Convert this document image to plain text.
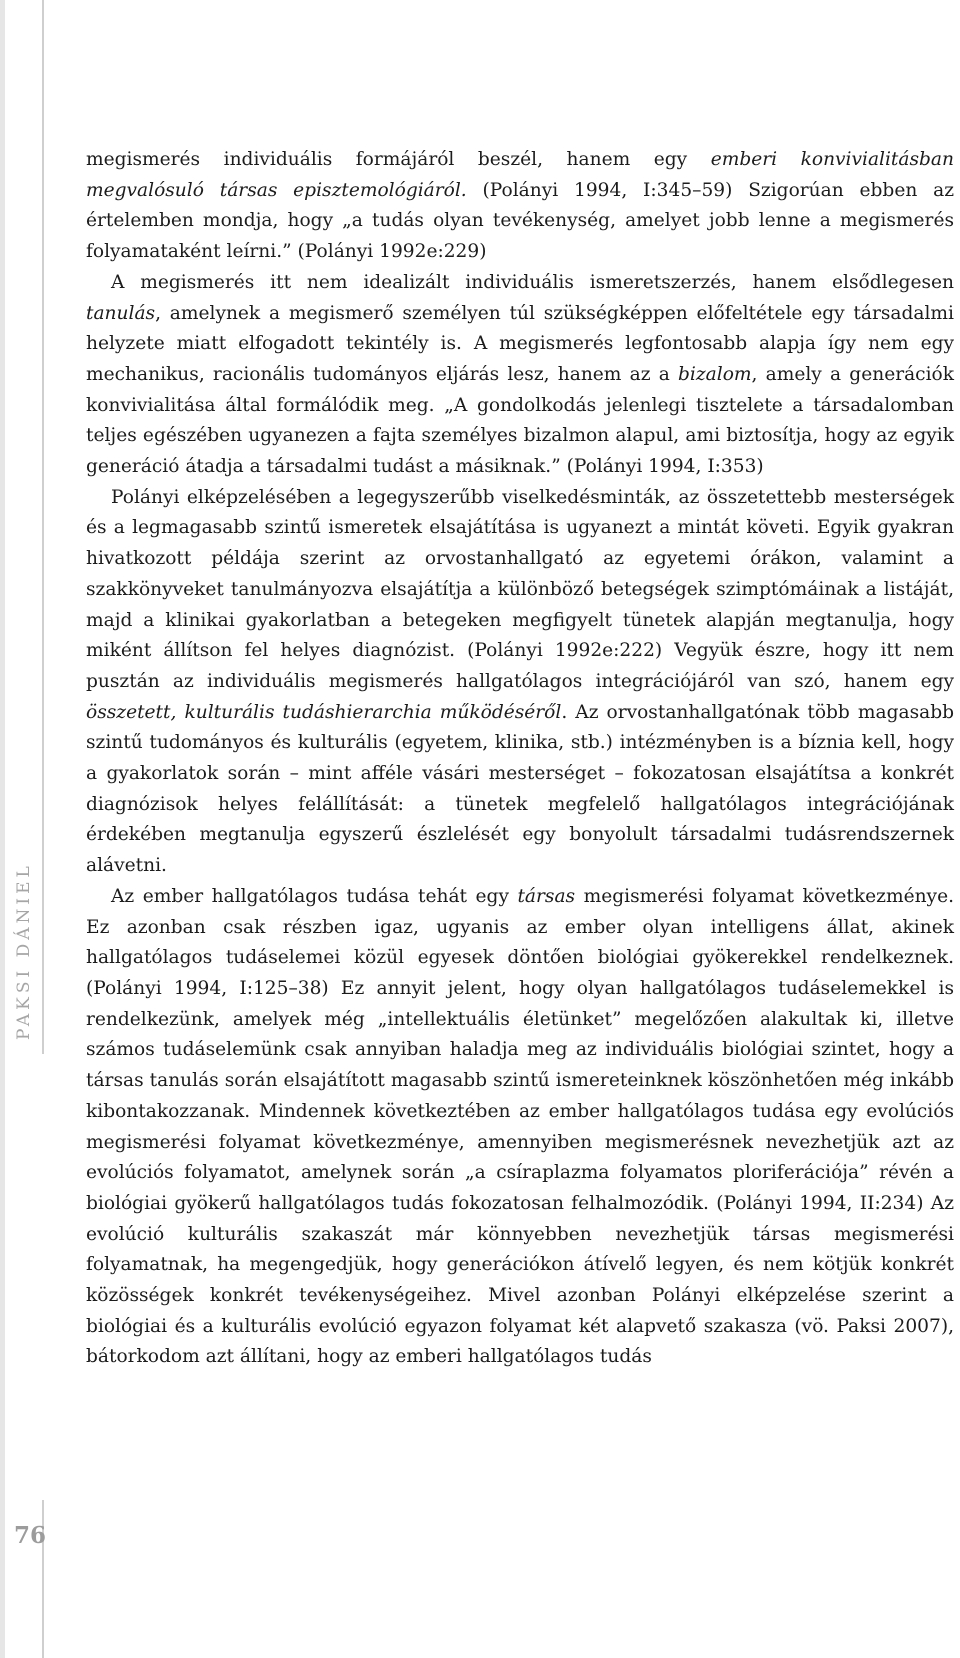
PAKSI DÁNIEL
76

megismerés individuális formájáról beszél, hanem egy emberi konvivialitásban megvalósuló társas episztemológiáról. (Polányi 1994, I:345–59) Szigorúan ebben az értelemben mondja, hogy „a tudás olyan tevékenység, amelyet jobb lenne a megismerés folyamataként leírni.” (Polányi 1992e:229)

A megismerés itt nem idealizált individuális ismeretszerzés, hanem elsődlegesen tanulás, amelynek a megismerő személyen túl szükségképpen előfeltétele egy társadalmi helyzete miatt elfogadott tekintély is. A megismerés legfontosabb alapja így nem egy mechanikus, racionális tudományos eljárás lesz, hanem az a bizalom, amely a generációk konvivialitása által formálódik meg. „A gondolkodás jelenlegi tisztelete a társadalomban teljes egészében ugyanezen a fajta személyes bizalmon alapul, ami biztosítja, hogy az egyik generáció átadja a társadalmi tudást a másiknak.” (Polányi 1994, I:353)

Polányi elképzelésében a legegyszerűbb viselkedésminták, az összetettebb mesterségek és a legmagasabb szintű ismeretek elsajátítása is ugyanezt a mintát követi. Egyik gyakran hivatkozott példája szerint az orvostanhallgató az egyetemi órákon, valamint a szakkönyveket tanulmányozva elsajátítja a különböző betegségek szimptómáinak a listáját, majd a klinikai gyakorlatban a betegeken megfigyelt tünetek alapján megtanulja, hogy miként állítson fel helyes diagnózist. (Polányi 1992e:222) Vegyük észre, hogy itt nem pusztán az individuális megismerés hallgatólagos integrációjáról van szó, hanem egy összetett, kulturális tudáshierarchia működéséről. Az orvostanhallgatónak több magasabb szintű tudományos és kulturális (egyetem, klinika, stb.) intézményben is a bíznia kell, hogy a gyakorlatok során – mint afféle vásári mesterséget – fokozatosan elsajátítsa a konkrét diagnózisok helyes felállítását: a tünetek megfelelő hallgatólagos integrációjának érdekében megtanulja egyszerű észlelését egy bonyolult társadalmi tudásrendszernek alávetni.

Az ember hallgatólagos tudása tehát egy társas megismerési folyamat következménye. Ez azonban csak részben igaz, ugyanis az ember olyan intelligens állat, akinek hallgatólagos tudáselemei közül egyesek döntően biológiai gyökerekkel rendelkeznek. (Polányi 1994, I:125–38) Ez annyit jelent, hogy olyan hallgatólagos tudáselemekkel is rendelkezünk, amelyek még „intellektuális életünket” megelőzően alakultak ki, illetve számos tudáselemünk csak annyiban haladja meg az individuális biológiai szintet, hogy a társas tanulás során elsajátított magasabb szintű ismereteinknek köszönhetően még inkább kibontakozzanak. Mindennek következtében az ember hallgatólagos tudása egy evolúciós megismerési folyamat következménye, amennyiben megismerésnek nevezhetjük azt az evolúciós folyamatot, amelynek során „a csíraplazma folyamatos ploriferációja” révén a biológiai gyökerű hallgatólagos tudás fokozatosan felhalmozódik. (Polányi 1994, II:234) Az evolúció kulturális szakaszát már könnyebben nevezhetjük társas megismerési folyamatnak, ha megengedjük, hogy generációkon átívelő legyen, és nem kötjük konkrét közösségek konkrét tevékenységeihez. Mivel azonban Polányi elképzelése szerint a biológiai és a kulturális evolúció egyazon folyamat két alapvető szakasza (vö. Paksi 2007), bátorkodom azt állítani, hogy az emberi hallgatólagos tudás
